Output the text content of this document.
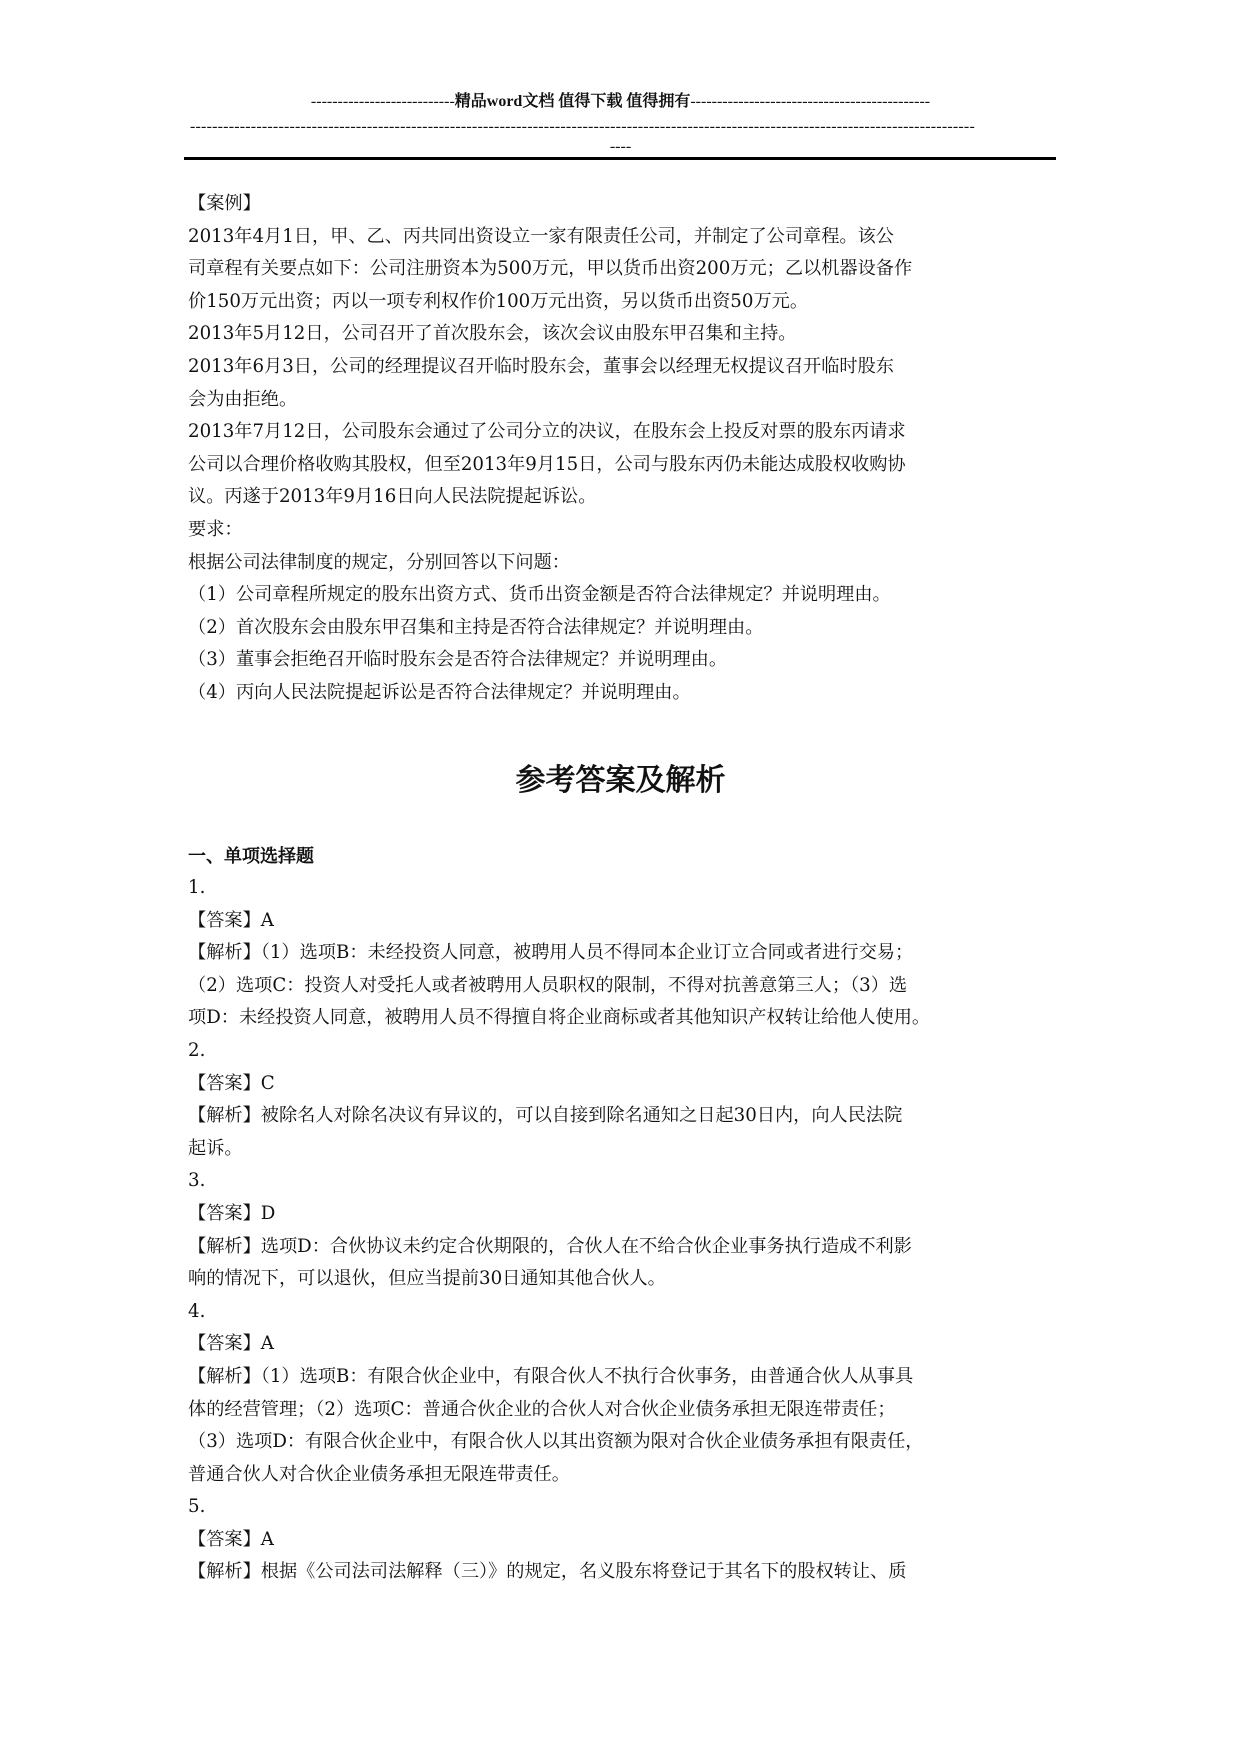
---------------------------精品word文档 值得下载 值得拥有---------------------------------------------
----------------------------------------------------------------------------------------------------------------------------------------------
----

【案例】

2013年4月1日，甲、乙、丙共同出资设立一家有限责任公司，并制定了公司章程。该公

司章程有关要点如下：公司注册资本为500万元，甲以货币出资200万元；乙以机器设备作

价150万元出资；丙以一项专利权作价100万元出资，另以货币出资50万元。

2013年5月12日，公司召开了首次股东会，该次会议由股东甲召集和主持。

2013年6月3日，公司的经理提议召开临时股东会，董事会以经理无权提议召开临时股东

会为由拒绝。

2013年7月12日，公司股东会通过了公司分立的决议，在股东会上投反对票的股东丙请求

公司以合理价格收购其股权，但至2013年9月15日，公司与股东丙仍未能达成股权收购协

议。丙遂于2013年9月16日向人民法院提起诉讼。

要求：

根据公司法律制度的规定，分别回答以下问题：

（1）公司章程所规定的股东出资方式、货币出资金额是否符合法律规定？并说明理由。

（2）首次股东会由股东甲召集和主持是否符合法律规定？并说明理由。

（3）董事会拒绝召开临时股东会是否符合法律规定？并说明理由。

（4）丙向人民法院提起诉讼是否符合法律规定？并说明理由。

参考答案及解析
一、单项选择题

1.

【答案】A

【解析】（1）选项B：未经投资人同意，被聘用人员不得同本企业订立合同或者进行交易；

（2）选项C：投资人对受托人或者被聘用人员职权的限制，不得对抗善意第三人；（3）选

项D：未经投资人同意，被聘用人员不得擅自将企业商标或者其他知识产权转让给他人使用。

2.

【答案】C

【解析】被除名人对除名决议有异议的，可以自接到除名通知之日起30日内，向人民法院

起诉。

3.

【答案】D

【解析】选项D：合伙协议未约定合伙期限的，合伙人在不给合伙企业事务执行造成不利影

响的情况下，可以退伙，但应当提前30日通知其他合伙人。

4.

【答案】A

【解析】（1）选项B：有限合伙企业中，有限合伙人不执行合伙事务，由普通合伙人从事具

体的经营管理；（2）选项C：普通合伙企业的合伙人对合伙企业债务承担无限连带责任；

（3）选项D：有限合伙企业中，有限合伙人以其出资额为限对合伙企业债务承担有限责任，

普通合伙人对合伙企业债务承担无限连带责任。

5.

【答案】A

【解析】根据《公司法司法解释（三）》的规定，名义股东将登记于其名下的股权转让、质
